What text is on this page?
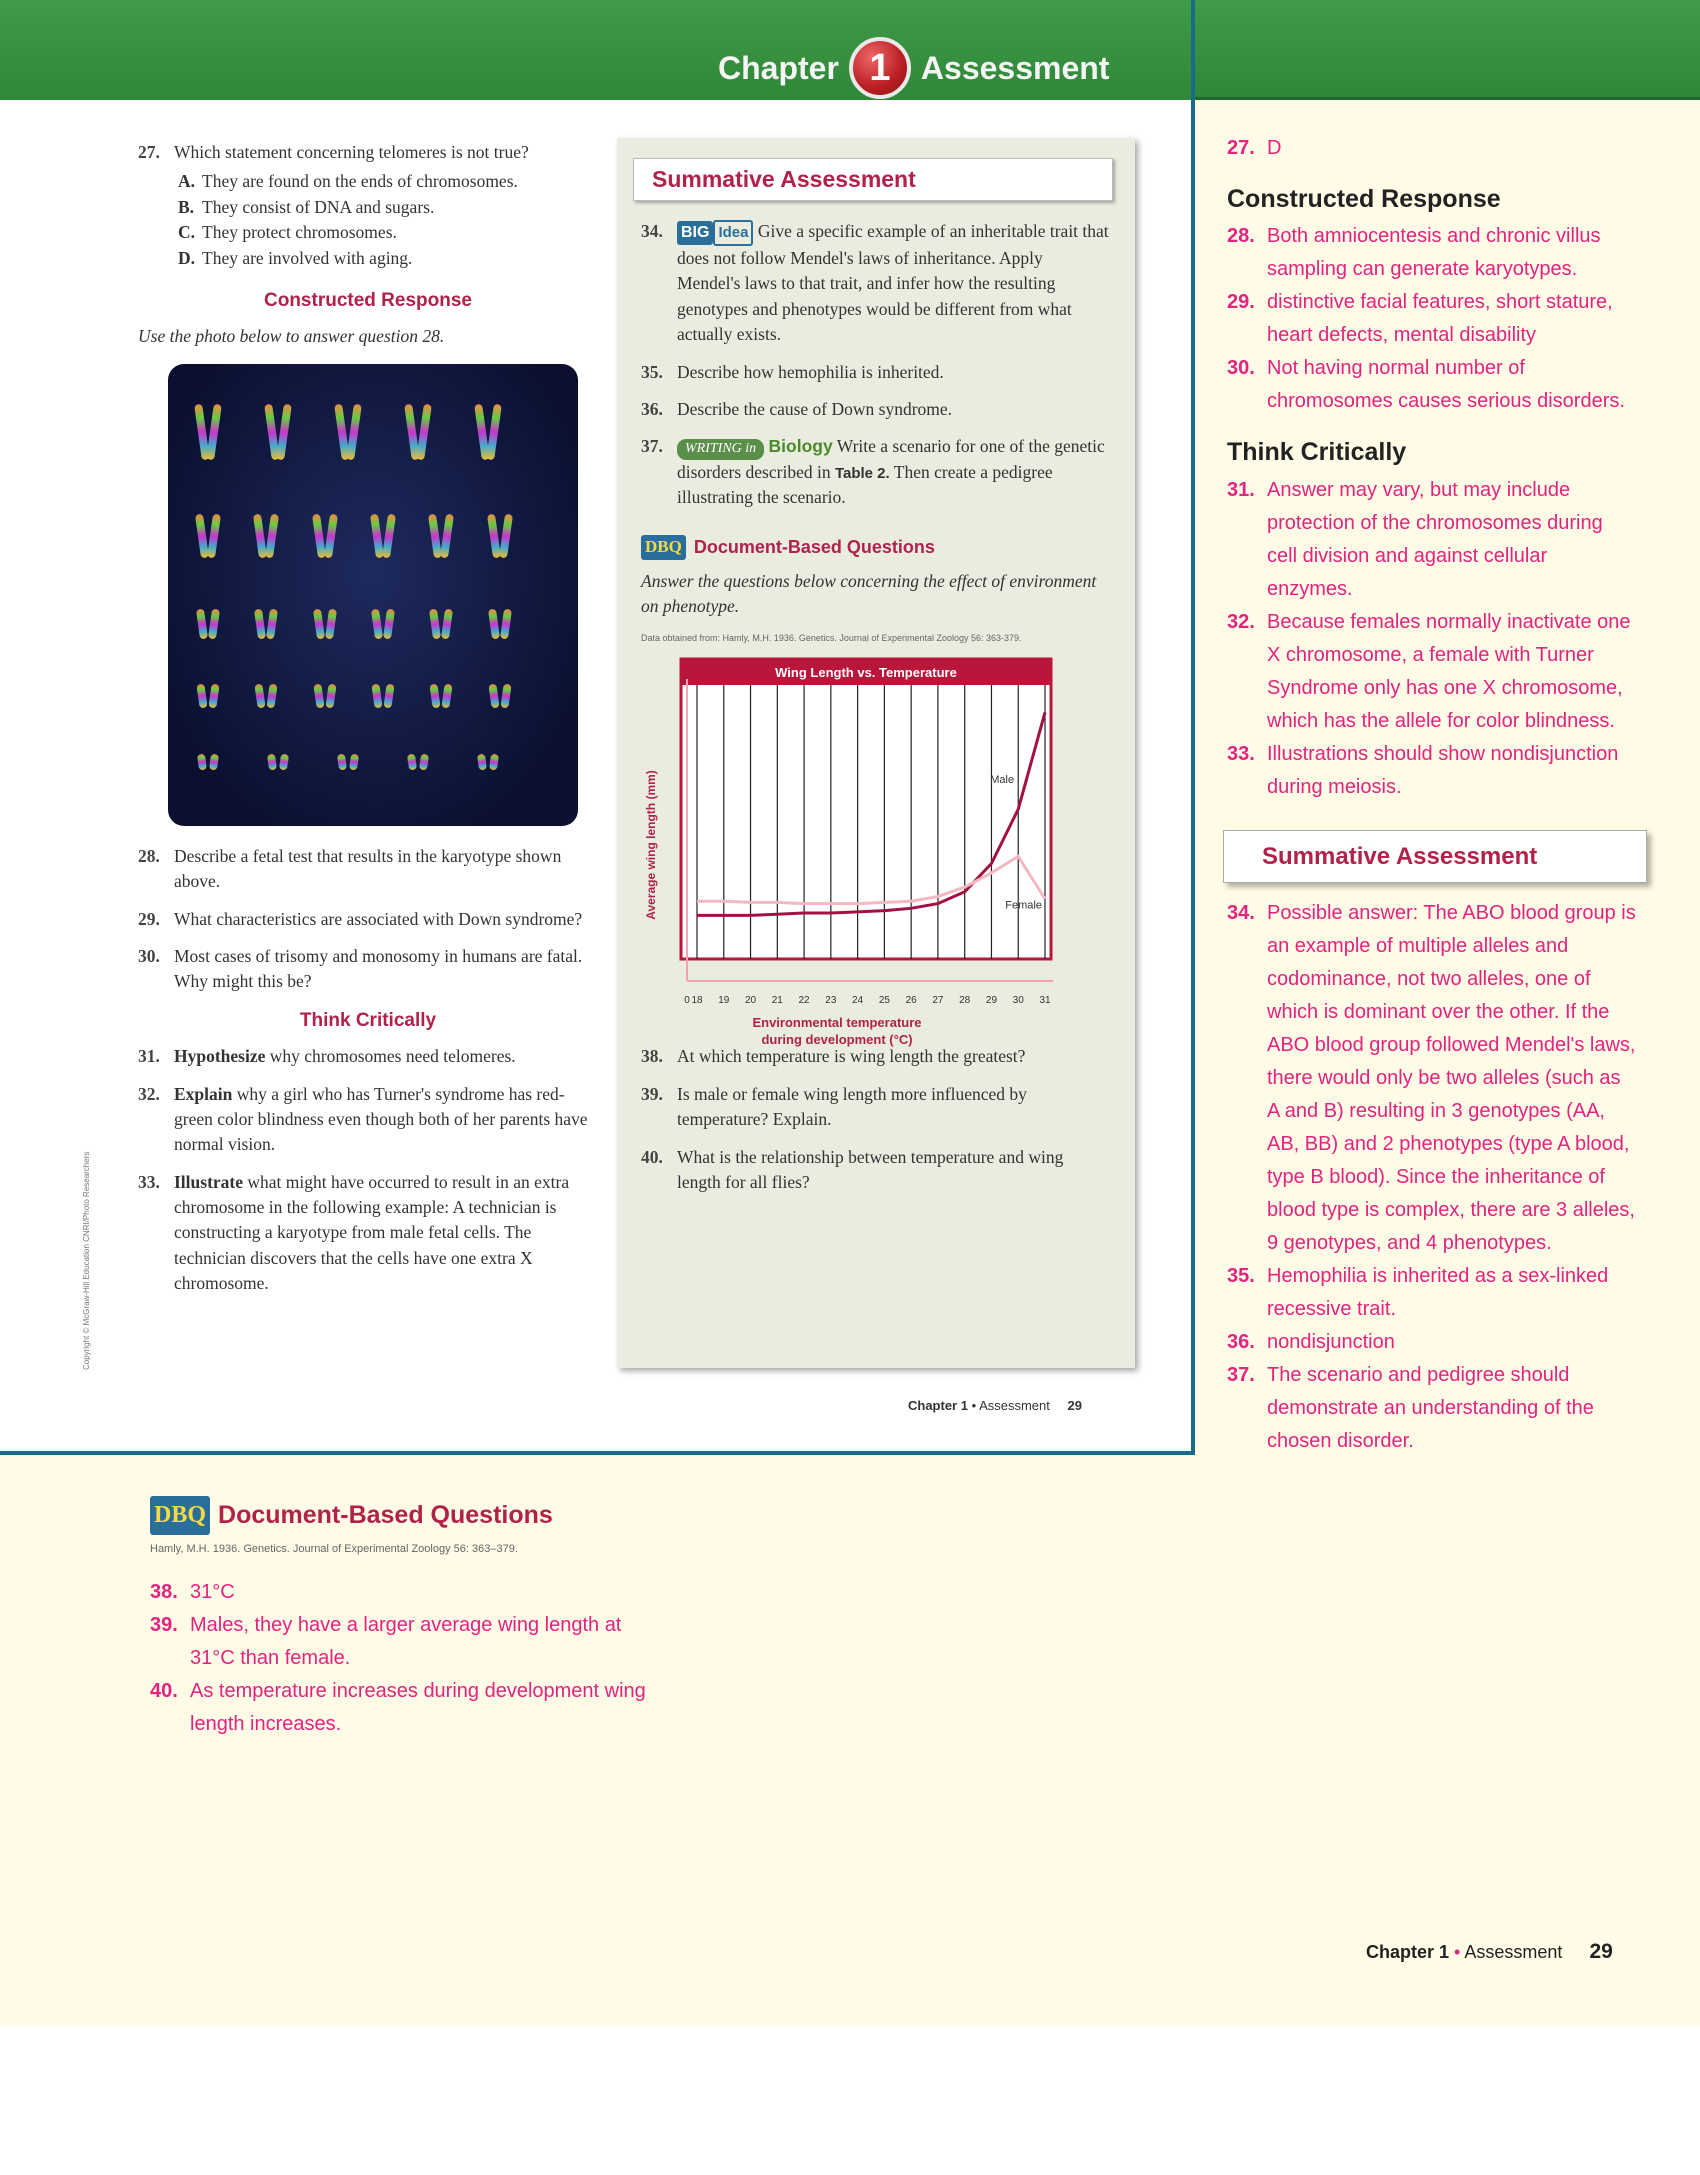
Chapter 1 Assessment
27. Which statement concerning telomeres is not true?
A. They are found on the ends of chromosomes.
B. They consist of DNA and sugars.
C. They protect chromosomes.
D. They are involved with aging.
Constructed Response
Use the photo below to answer question 28.
28. Describe a fetal test that results in the karyotype shown above.
29. What characteristics are associated with Down syndrome?
30. Most cases of trisomy and monosomy in humans are fatal. Why might this be?
Think Critically
31. Hypothesize why chromosomes need telomeres.
32. Explain why a girl who has Turner's syndrome has red-green color blindness even though both of her parents have normal vision.
33. Illustrate what might have occurred to result in an extra chromosome in the following example: A technician is constructing a karyotype from male fetal cells. The technician discovers that the cells have one extra X chromosome.
Summative Assessment
34.	BIG Idea Give a specific example of an inheritable trait that does not follow Mendel's laws of inheritance. Apply Mendel's laws to that trait, and infer how the resulting genotypes and phenotypes would be different from what actually exists.
35. Describe how hemophilia is inherited.
36. Describe the cause of Down syndrome.
37.	WRITING in Biology Write a scenario for one of the genetic disorders described in Table 2. Then create a pedigree illustrating the scenario.
DBQ Document-Based Questions
Answer the questions below concerning the effect of environment on phenotype.
Data obtained from: Hamly, M.H. 1936. Genetics. Journal of Experimental Zoology 56: 363-379.
Average wing length (mm)
Wing Length vs. Temperature
0 18 19 20 21 22 23 24 25 26 27 28 29 30 31
Male
Female
Environmental temperature
during development (°C)
38. At which temperature is wing length the greatest?
39. Is male or female wing length more influenced by temperature? Explain.
40. What is the relationship between temperature and wing length for all flies?
Chapter 1 • Assessment 29
Copyright © McGraw-Hill Education CNRI/Photo Researchers
27. D
Constructed Response
28. Both amniocentesis and chronic villus sampling can generate karyotypes.
29. distinctive facial features, short stature, heart defects, mental disability
30. Not having normal number of chromosomes causes serious disorders.
Think Critically
31. Answer may vary, but may include protection of the chromosomes during cell division and against cellular enzymes.
32. Because females normally inactivate one X chromosome, a female with Turner Syndrome only has one X chromosome, which has the allele for color blindness.
33. Illustrations should show nondisjunction during meiosis.
Summative Assessment
34. Possible answer: The ABO blood group is an example of multiple alleles and codominance, not two alleles, one of which is dominant over the other. If the ABO blood group followed Mendel's laws, there would only be two alleles (such as A and B) resulting in 3 genotypes (AA, AB, BB) and 2 phenotypes (type A blood, type B blood). Since the inheritance of blood type is complex, there are 3 alleles, 9 genotypes, and 4 phenotypes.
35. Hemophilia is inherited as a sex-linked recessive trait.
36. nondisjunction
37. The scenario and pedigree should demonstrate an understanding of the chosen disorder.
DBQ Document-Based Questions
Hamly, M.H. 1936. Genetics. Journal of Experimental Zoology 56: 363–379.
38. 31°C
39. Males, they have a larger average wing length at 31°C than female.
40. As temperature increases during development wing length increases.
Chapter 1 • Assessment 29
